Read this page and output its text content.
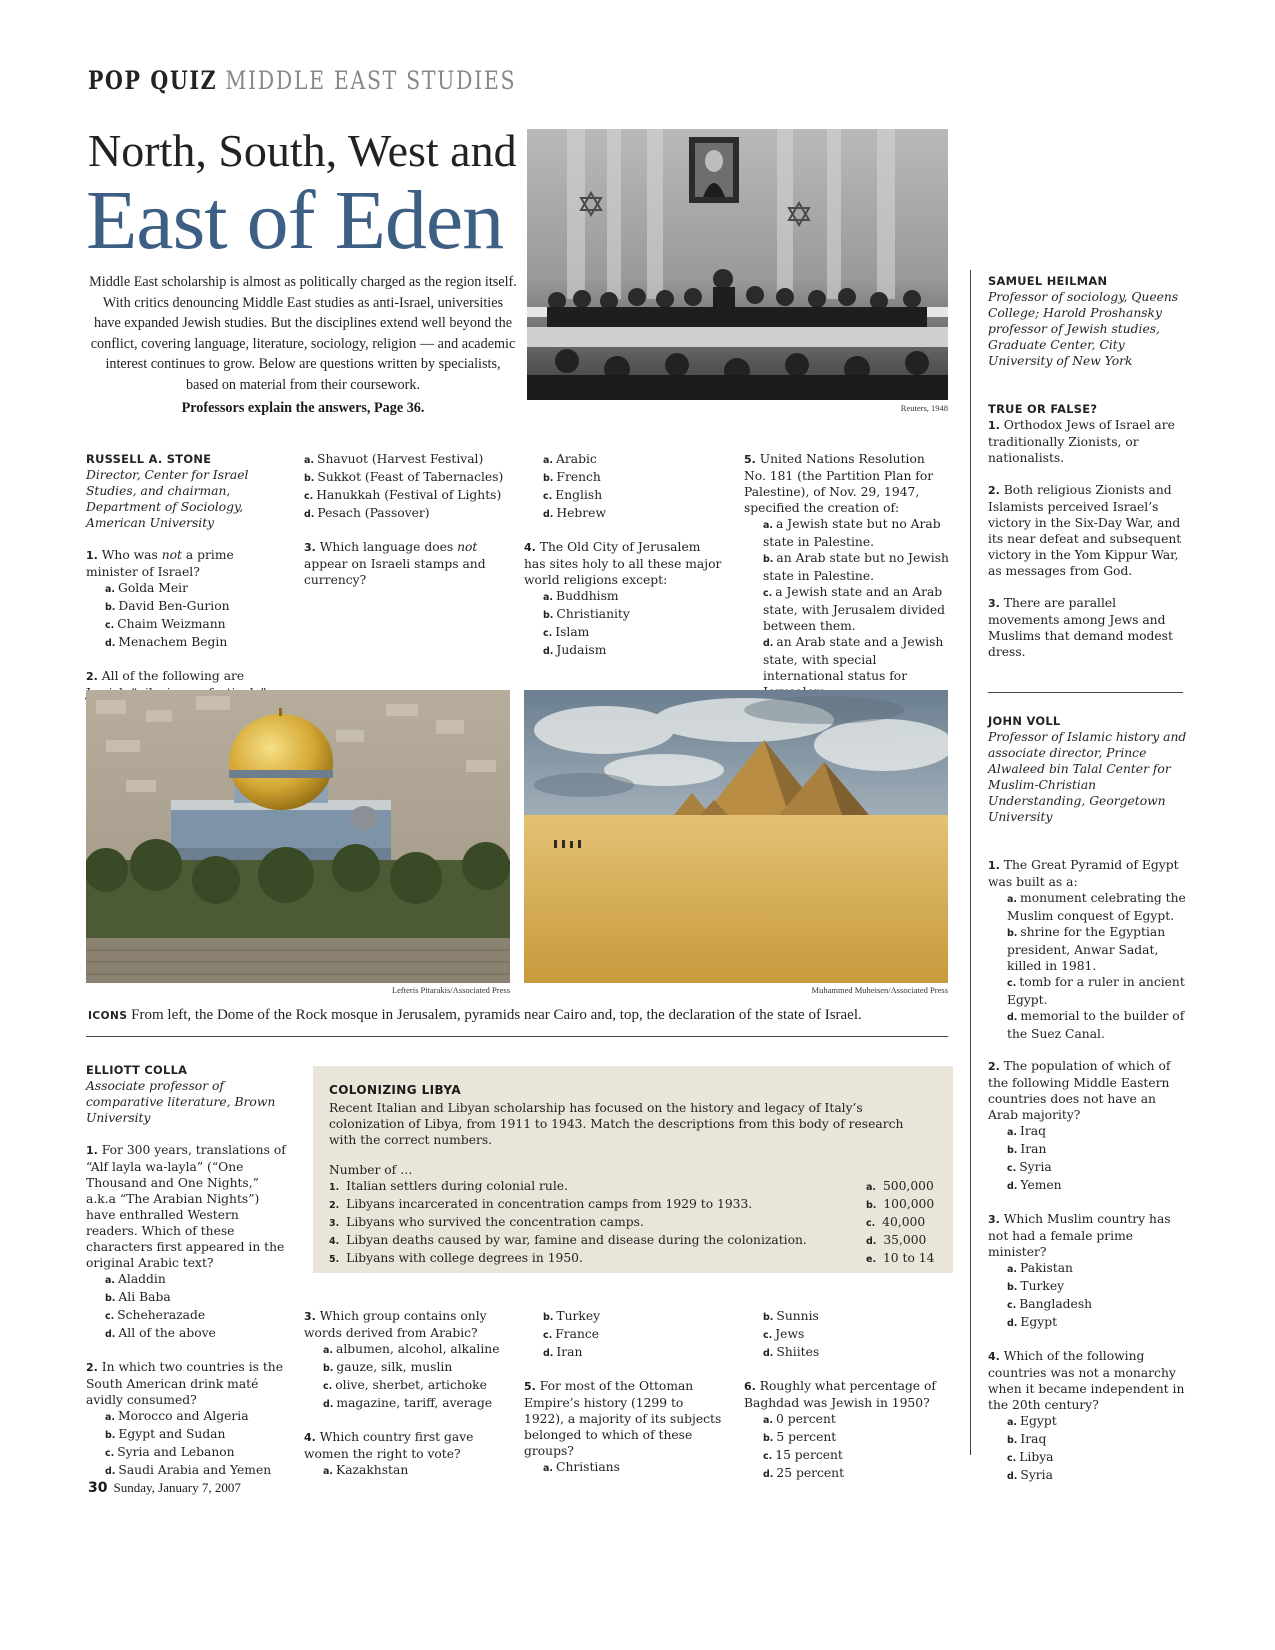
POP QUIZ MIDDLE EAST STUDIES
North, South, West and
East of Eden
Middle East scholarship is almost as politically charged as the region itself. With critics denouncing Middle East studies as anti-Israel, universities have expanded Jewish studies. But the disciplines extend well beyond the conflict, covering language, literature, sociology, religion — and academic interest continues to grow. Below are questions written by specialists, based on material from their coursework.
Professors explain the answers, Page 36.	Reuters, 1948

RUSSELL A. STONE

Director, Center for Israel Studies, and chairman, Department of Sociology, American University

1. Who was not a prime minister of Israel?

a. Golda Meir

b. David Ben-Gurion

c. Chaim Weizmann

d. Menachem Begin

2. All of the following are

a. Shavuot (Harvest Festival)

b. Sukkot (Feast of Tabernacles)

c. Hanukkah (Festival of Lights)

d. Pesach (Passover)

3. Which language does not appear on Israeli stamps and currency?

a. Arabic

b. French

c. English

d. Hebrew

4. The Old City of Jerusalem has sites holy to all these major world religions except:

a. Buddhism

b. Christianity

c. Islam

d. Judaism

5. United Nations Resolution No. 181 (the Partition Plan for Palestine), of Nov. 29, 1947, specified the creation of:

a. a Jewish state but no Arab state in Palestine.

b. an Arab state but no Jewish state in Palestine.

c. a Jewish state and an Arab state, with Jerusalem divided between them.

d. an Arab state and a Jewish state, with special international status for

Lefteris Pitarakis/Associated Press	Muhammed Muheisen/Associated Press
ICONS From left, the Dome of the Rock mosque in Jerusalem, pyramids near Cairo and, top, the declaration of the state of Israel.

SAMUEL HEILMAN

Professor of sociology, Queens College; Harold Proshansky professor of Jewish studies, Graduate Center, City University of New York

TRUE OR FALSE?

1. Orthodox Jews of Israel are traditionally Zionists, or nationalists.

2. Both religious Zionists and Islamists perceived Israel’s victory in the Six-Day War, and its near defeat and subsequent victory in the Yom Kippur War, as messages from God.

3. There are parallel movements among Jews and Muslims that demand modest dress.

JOHN VOLL

Professor of Islamic history and associate director, Prince Alwaleed bin Talal Center for Muslim-Christian Understanding, Georgetown University

1. The Great Pyramid of Egypt was built as a:

a. monument celebrating the Muslim conquest of Egypt.

b. shrine for the Egyptian president, Anwar Sadat, killed in 1981.

c. tomb for a ruler in ancient Egypt.

d. memorial to the builder of the Suez Canal.

2. The population of which of the following Middle Eastern countries does not have an Arab majority?

a. Iraq

b. Iran

c. Syria

d. Yemen

3. Which Muslim country has not had a female prime minister?

a. Pakistan

b. Turkey

c. Bangladesh

d. Egypt

4. Which of the following countries was not a monarchy when it became independent in the 20th century?

a. Egypt

b. Iraq

c. Libya

d. Syria

ELLIOTT COLLA

Associate professor of comparative literature, Brown University

1. For 300 years, translations of “Alf layla wa-layla” (“One Thousand and One Nights,” a.k.a “The Arabian Nights”) have enthralled Western readers. Which of these characters first appeared in the original Arabic text?

a. Aladdin

b. Ali Baba

c. Scheherazade

d. All of the above

2. In which two countries is the South American drink maté avidly consumed?

a. Morocco and Algeria

b. Egypt and Sudan

c. Syria and Lebanon

d. Saudi Arabia and Yemen

COLONIZING LIBYA
Recent Italian and Libyan scholarship has focused on the history and legacy of Italy’s colonization of Libya, from 1911 to 1943. Match the descriptions from this body of research with the correct numbers.
Number of …
1. Italian settlers during colonial rule.
2. Libyans incarcerated in concentration camps from 1929 to 1933.
3. Libyans who survived the concentration camps.
4. Libyan deaths caused by war, famine and disease during the colonization.
5. Libyans with college degrees in 1950.
a. 500,000
b. 100,000
c. 40,000
d. 35,000
e. 10 to 14

3. Which group contains only words derived from Arabic?

a. albumen, alcohol, alkaline

b. gauze, silk, muslin

c. olive, sherbet, artichoke

d. magazine, tariff, average

4. Which country first gave women the right to vote?

a. Kazakhstan

b. Turkey

c. France

d. Iran

5. For most of the Ottoman Empire’s history (1299 to 1922), a majority of its subjects belonged to which of these groups?

a. Christians

b. Sunnis

c. Jews

d. Shiites

6. Roughly what percentage of Baghdad was Jewish in 1950?

a. 0 percent

b. 5 percent

c. 15 percent

d. 25 percent

30 Sunday, January 7, 2007
